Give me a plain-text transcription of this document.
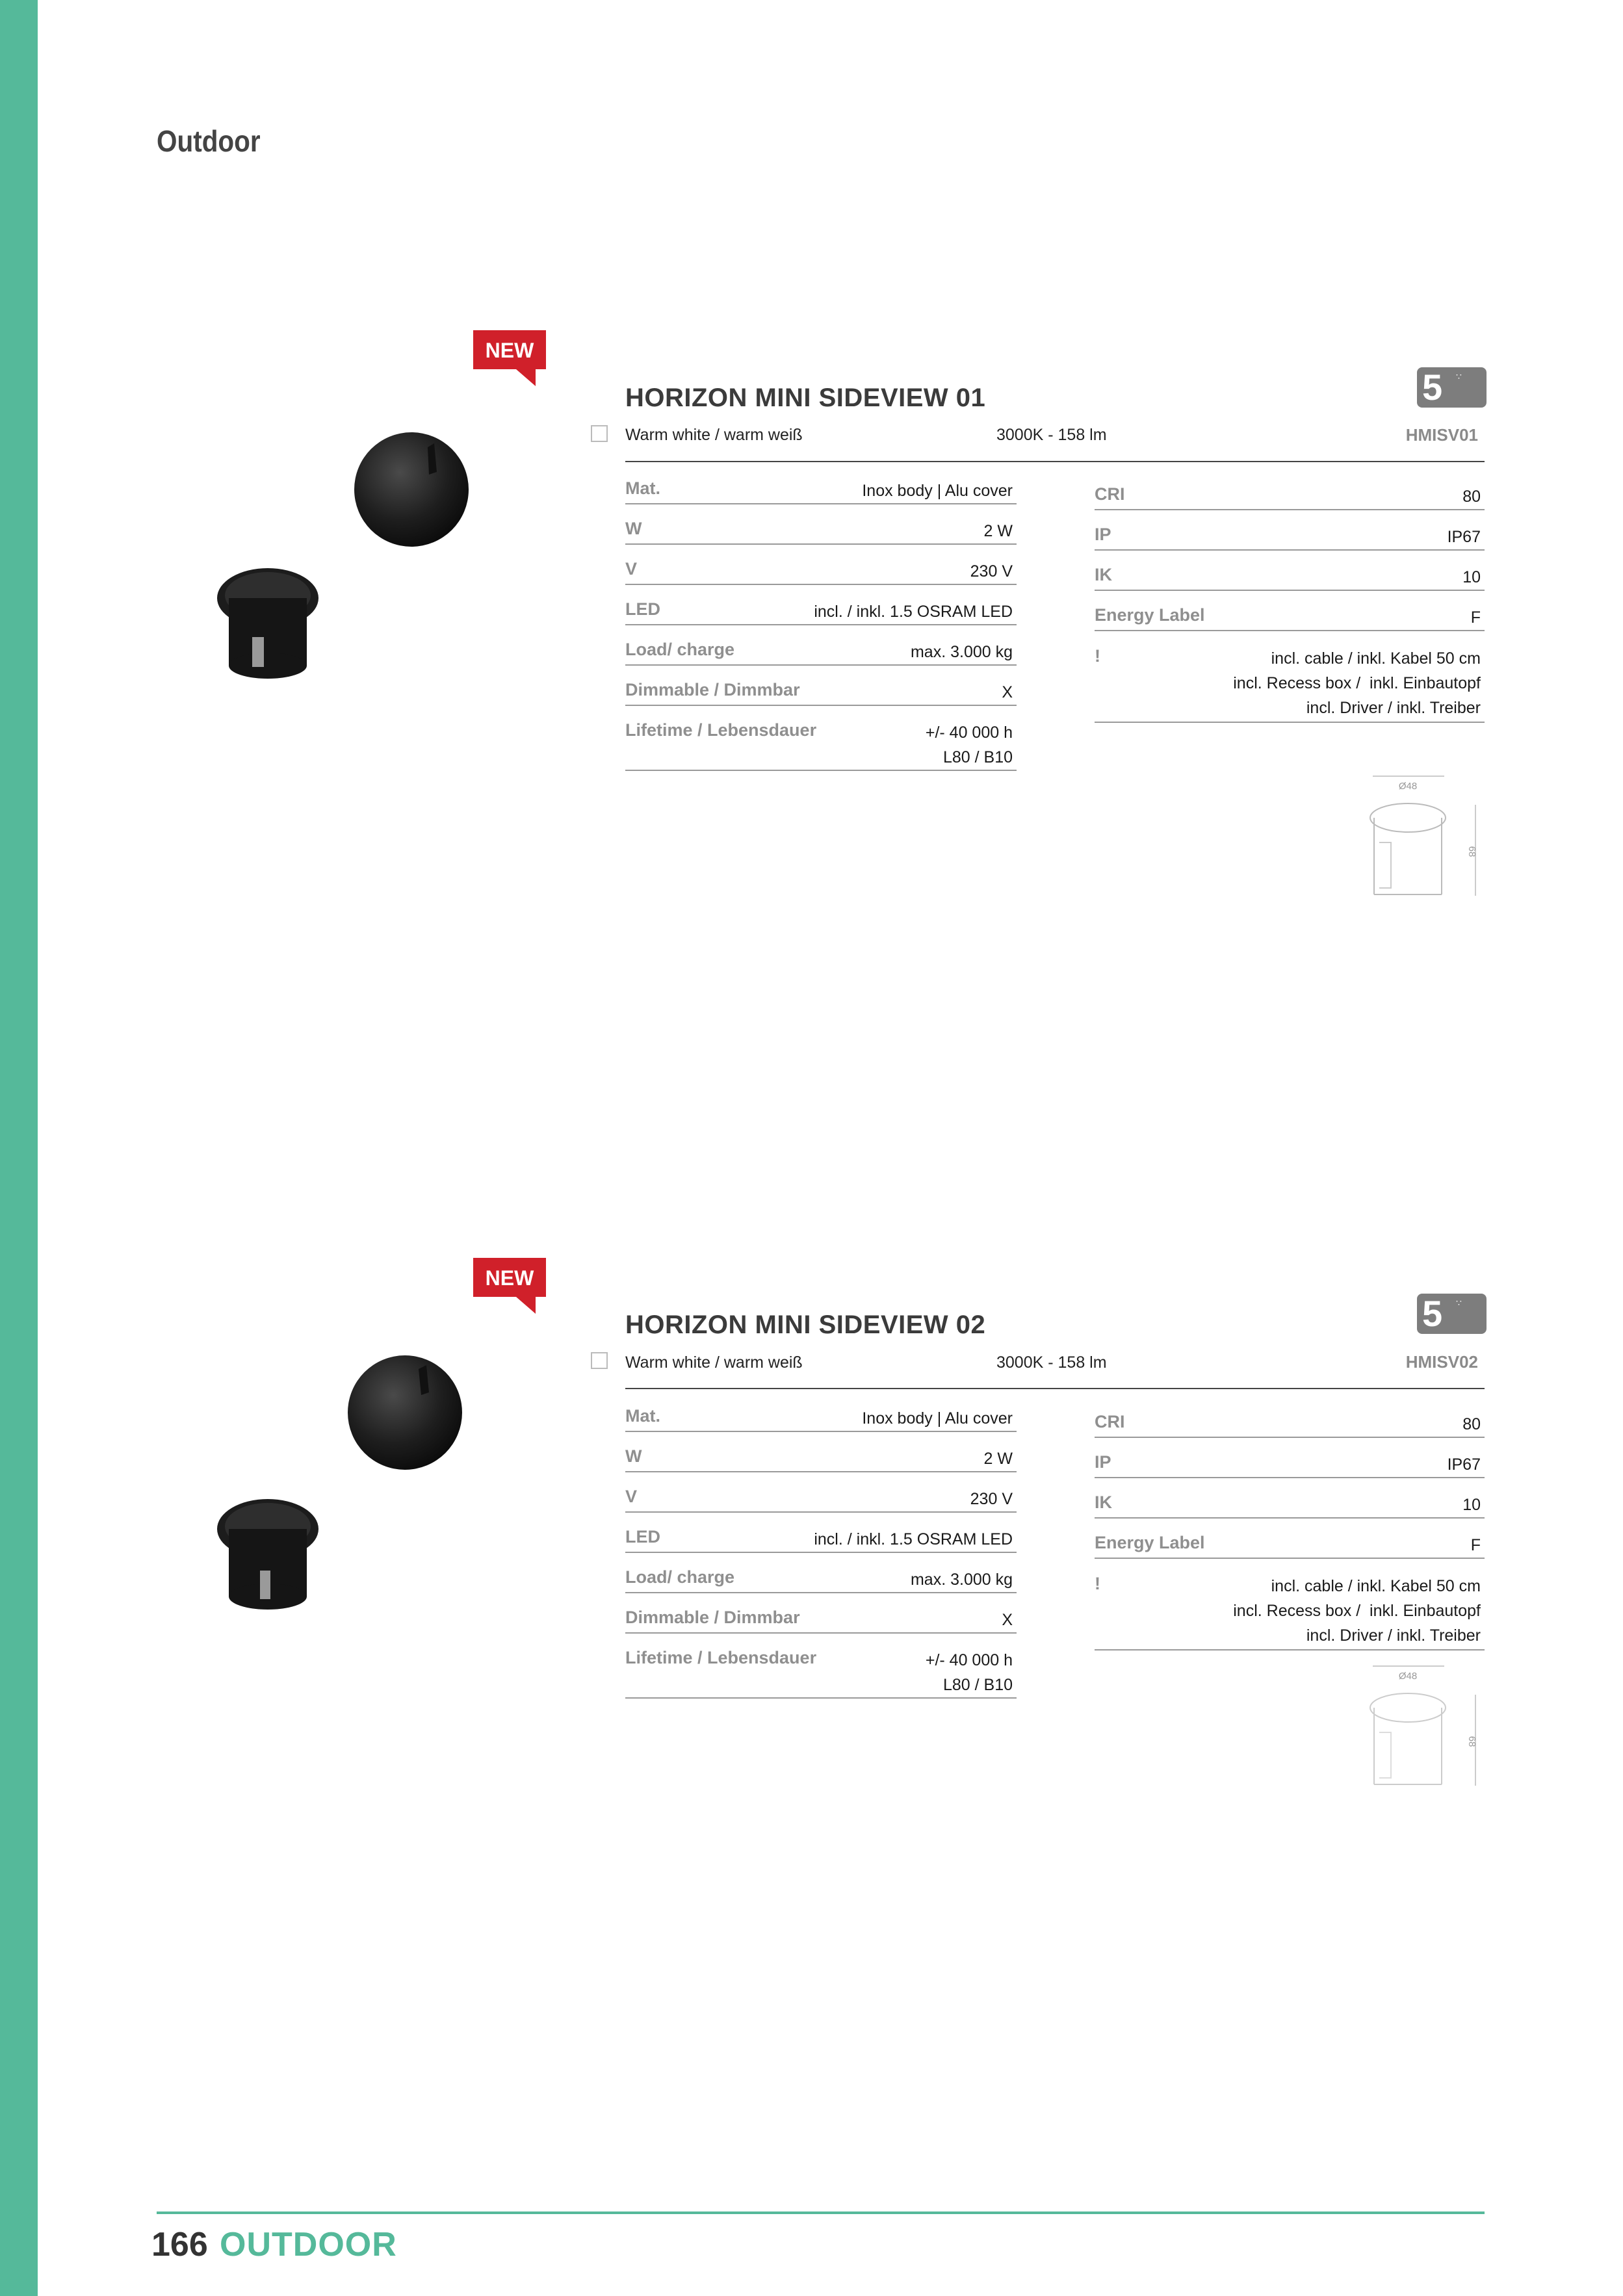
Outdoor
NEW
HORIZON MINI SIDEVIEW 01	5 ∵
Warm white / warm weiß	3000K - 158 lm	HMISV01
Mat.	Inox body | Alu cover
W	2 W
V	230 V
LED	incl. / inkl. 1.5 OSRAM LED
Load/ charge	max. 3.000 kg
Dimmable / Dimmbar	X
Lifetime / Lebensdauer	+/- 40 000 h
L80 / B10
CRI	80
IP	IP67
IK	10
Energy Label	F
!	incl. cable / inkl. Kabel 50 cm
incl. Recess box /  inkl. Einbautopf
incl. Driver / inkl. Treiber
Ø48
68
NEW
HORIZON MINI SIDEVIEW 02	5 ∵
Warm white / warm weiß	3000K - 158 lm	HMISV02
Mat.	Inox body | Alu cover
W	2 W
V	230 V
LED	incl. / inkl. 1.5 OSRAM LED
Load/ charge	max. 3.000 kg
Dimmable / Dimmbar	X
Lifetime / Lebensdauer	+/- 40 000 h
L80 / B10
CRI	80
IP	IP67
IK	10
Energy Label	F
!	incl. cable / inkl. Kabel 50 cm
incl. Recess box /  inkl. Einbautopf
incl. Driver / inkl. Treiber
Ø48
68
166 OUTDOOR
